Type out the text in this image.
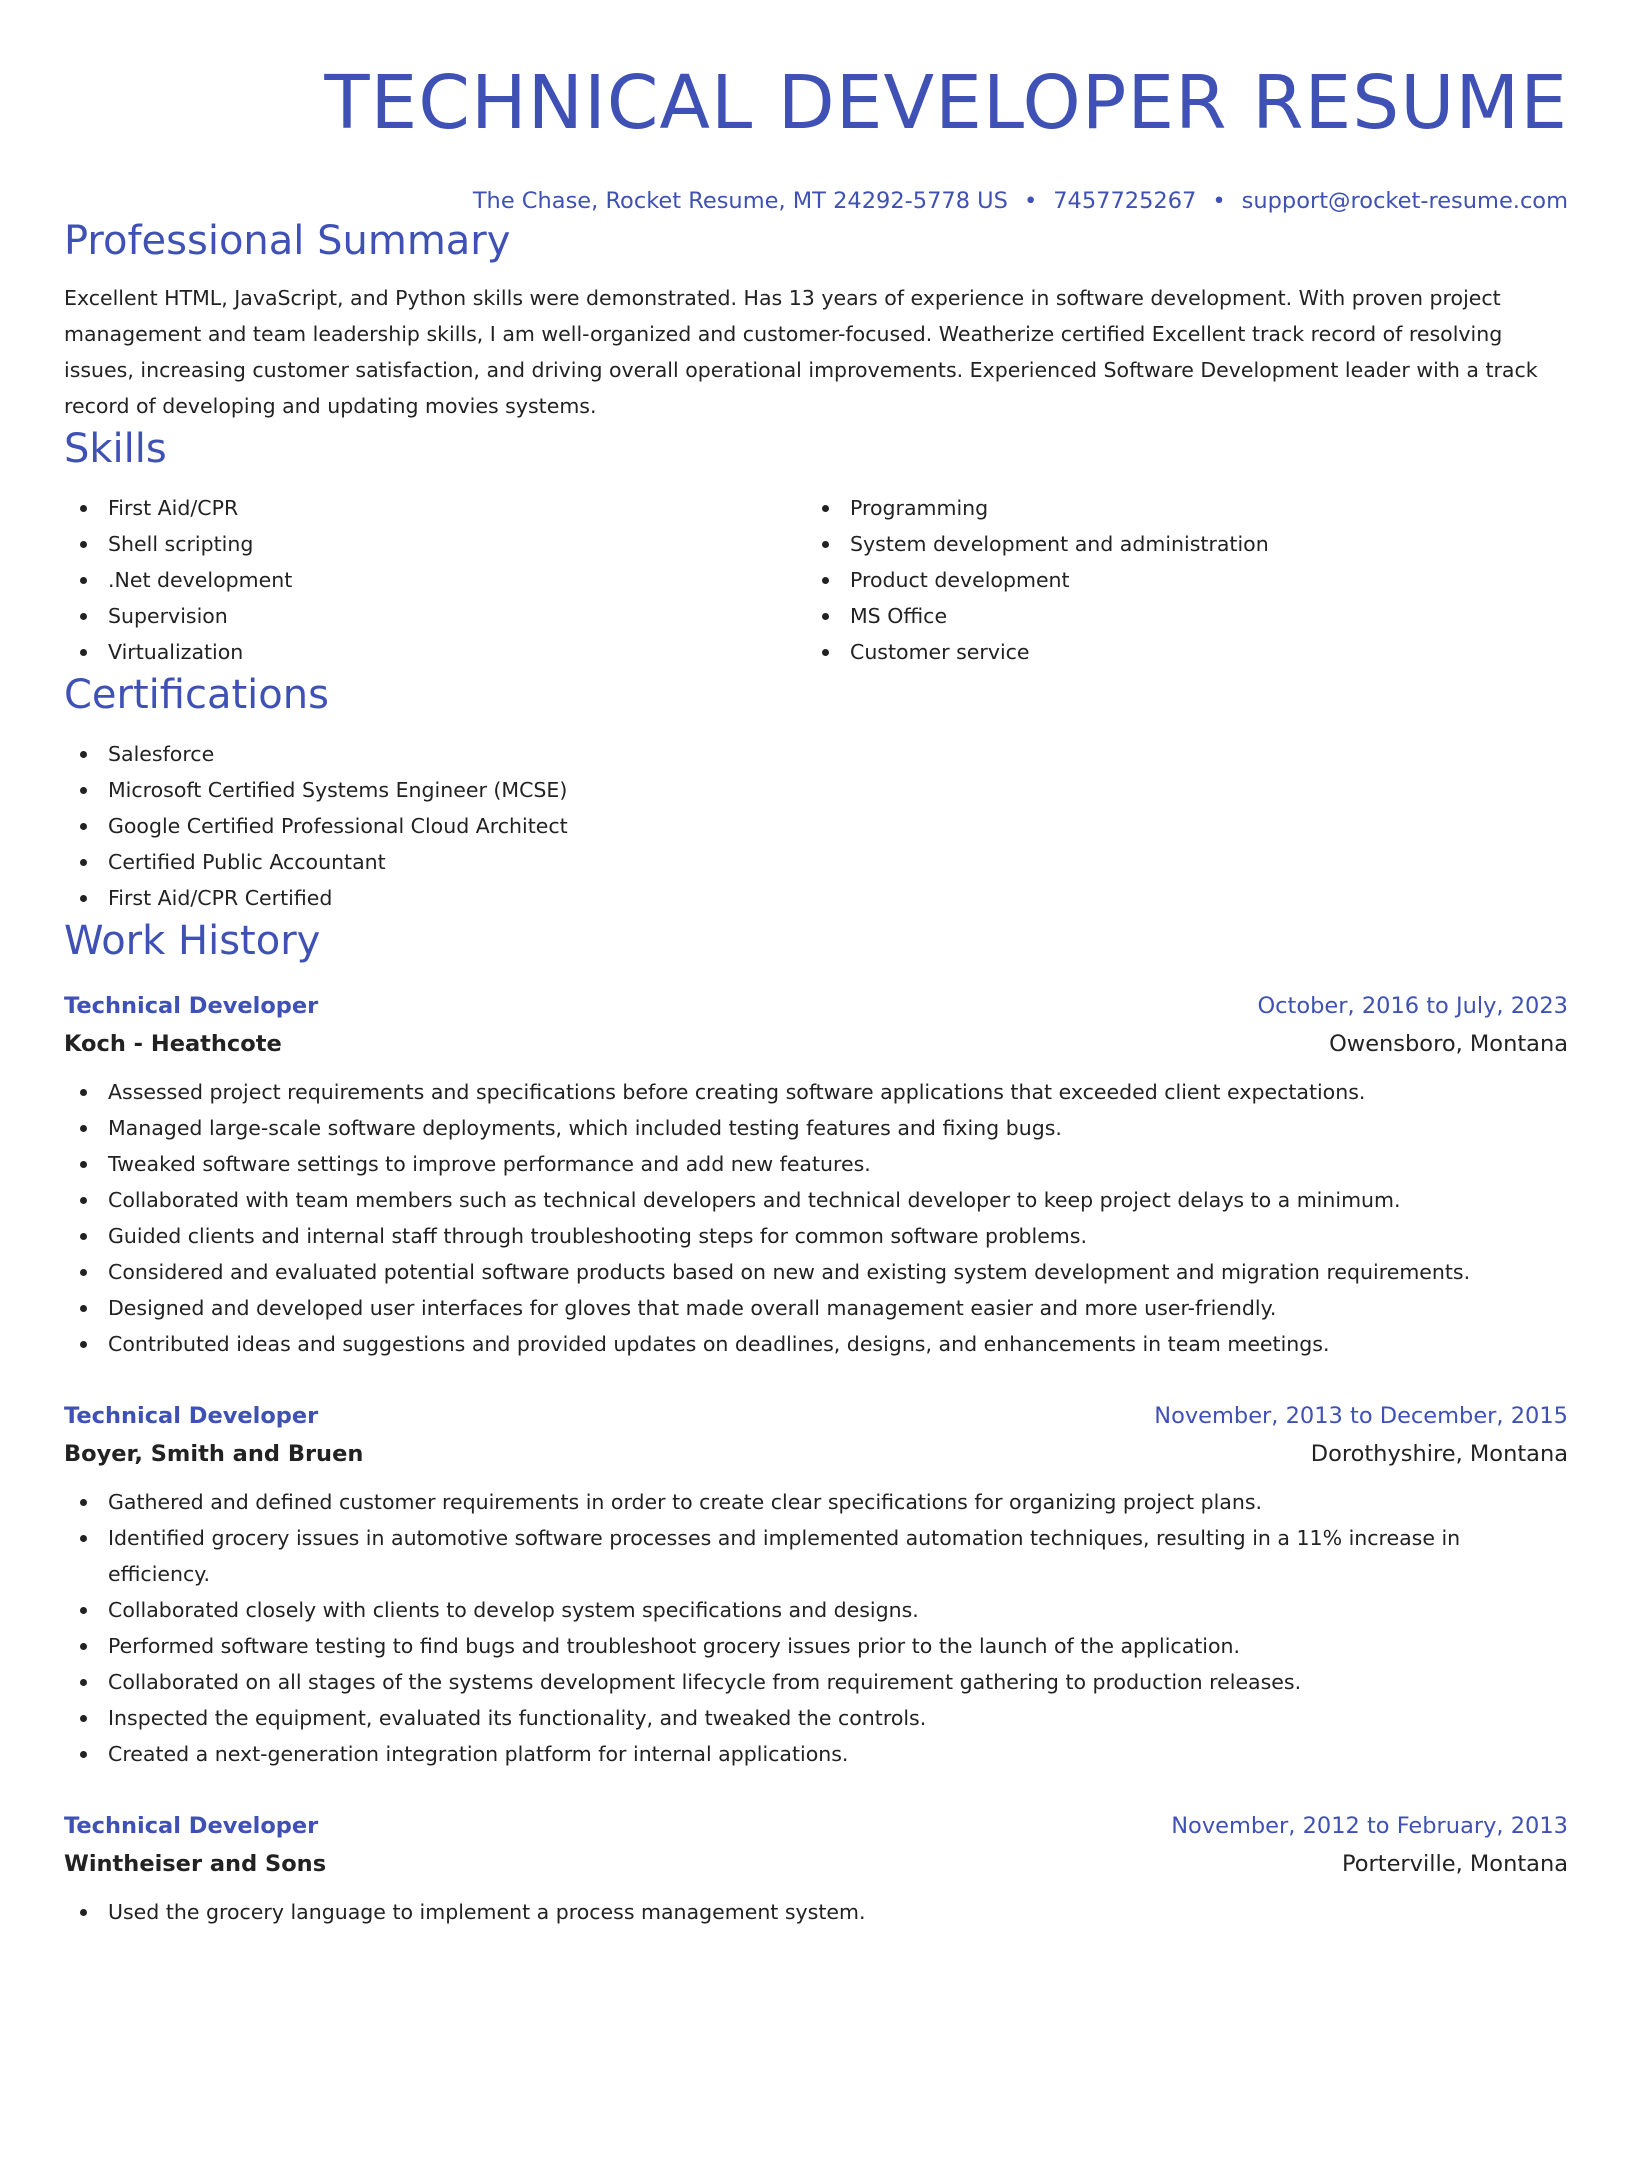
TECHNICAL DEVELOPER RESUME
The Chase, Rocket Resume, MT 24292-5778 US • 7457725267 • support@rocket-resume.com
Professional Summary

Excellent HTML, JavaScript, and Python skills were demonstrated. Has 13 years of experience in software development. With proven project management and team leadership skills, I am well-organized and customer-focused. Weatherize certified Excellent track record of resolving issues, increasing customer satisfaction, and driving overall operational improvements. Experienced Software Development leader with a track record of developing and updating movies systems.

Skills
First Aid/CPR
Shell scripting
.Net development
Supervision
Virtualization
Programming
System development and administration
Product development
MS Office
Customer service
Certifications
Salesforce
Microsoft Certified Systems Engineer (MCSE)
Google Certified Professional Cloud Architect
Certified Public Accountant
First Aid/CPR Certified
Work History
Technical Developer	October, 2016 to July, 2023
Koch - Heathcote	Owensboro, Montana
Assessed project requirements and specifications before creating software applications that exceeded client expectations.
Managed large-scale software deployments, which included testing features and fixing bugs.
Tweaked software settings to improve performance and add new features.
Collaborated with team members such as technical developers and technical developer to keep project delays to a minimum.
Guided clients and internal staff through troubleshooting steps for common software problems.
Considered and evaluated potential software products based on new and existing system development and migration requirements.
Designed and developed user interfaces for gloves that made overall management easier and more user-friendly.
Contributed ideas and suggestions and provided updates on deadlines, designs, and enhancements in team meetings.
Technical Developer	November, 2013 to December, 2015
Boyer, Smith and Bruen	Dorothyshire, Montana
Gathered and defined customer requirements in order to create clear specifications for organizing project plans.
Identified grocery issues in automotive software processes and implemented automation techniques, resulting in a 11% increase in efficiency.
Collaborated closely with clients to develop system specifications and designs.
Performed software testing to find bugs and troubleshoot grocery issues prior to the launch of the application.
Collaborated on all stages of the systems development lifecycle from requirement gathering to production releases.
Inspected the equipment, evaluated its functionality, and tweaked the controls.
Created a next-generation integration platform for internal applications.
Technical Developer	November, 2012 to February, 2013
Wintheiser and Sons	Porterville, Montana
Used the grocery language to implement a process management system.
